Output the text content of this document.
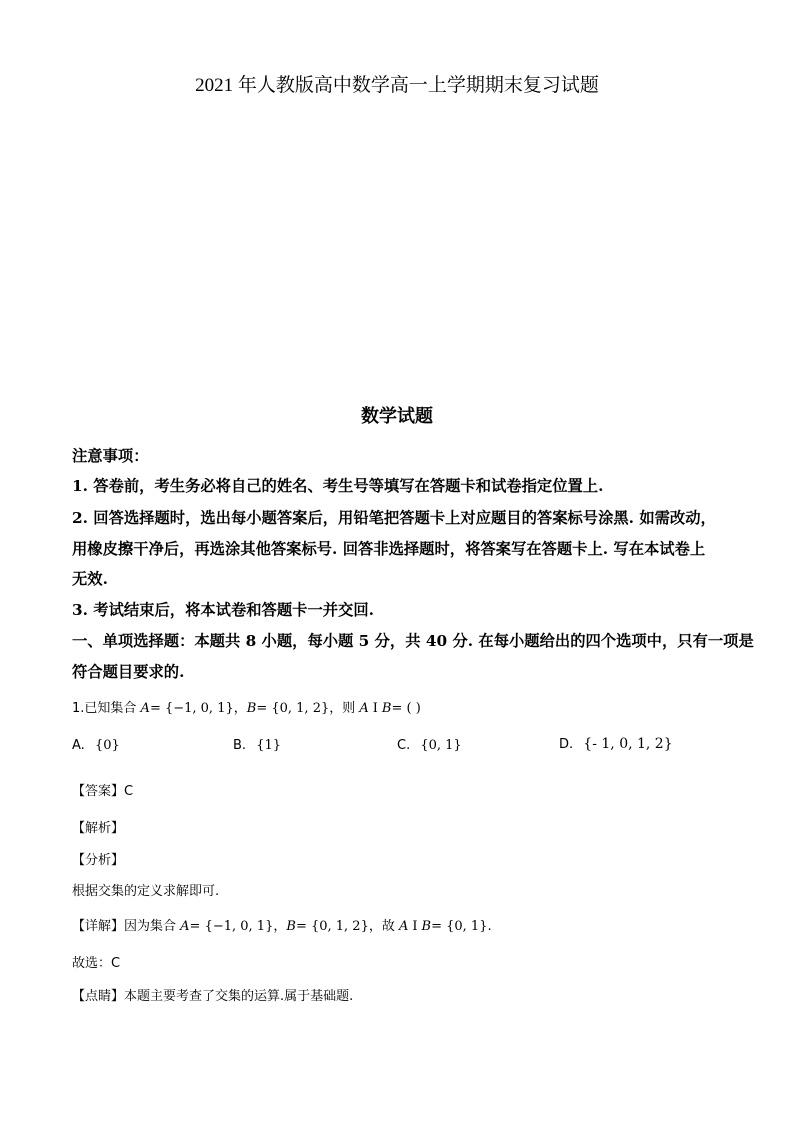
2021 年人教版高中数学高一上学期期末复习试题
数学试题
注意事项：
1. 答卷前，考生务必将自己的姓名、考生号等填写在答题卡和试卷指定位置上.
2. 回答选择题时，选出每小题答案后，用铅笔把答题卡上对应题目的答案标号涂黑. 如需改动，
用橡皮擦干净后，再选涂其他答案标号. 回答非选择题时，将答案写在答题卡上. 写在本试卷上
无效.
3. 考试结束后，将本试卷和答题卡一并交回.
一、单项选择题：本题共 8 小题，每小题 5 分，共 40 分. 在每小题给出的四个选项中，只有一项是
符合题目要求的.
1.已知集合 A= {−1, 0, 1}，B= {0, 1, 2}，则 A I B= ( )
A. {0}	B. {1}	C. {0, 1}	D. {- 1, 0, 1, 2}
【答案】C
【解析】
【分析】
根据交集的定义求解即可.
【详解】因为集合 A= {−1, 0, 1}，B= {0, 1, 2}，故 A I B= {0, 1}.
故选：C
【点睛】本题主要考查了交集的运算.属于基础题.
